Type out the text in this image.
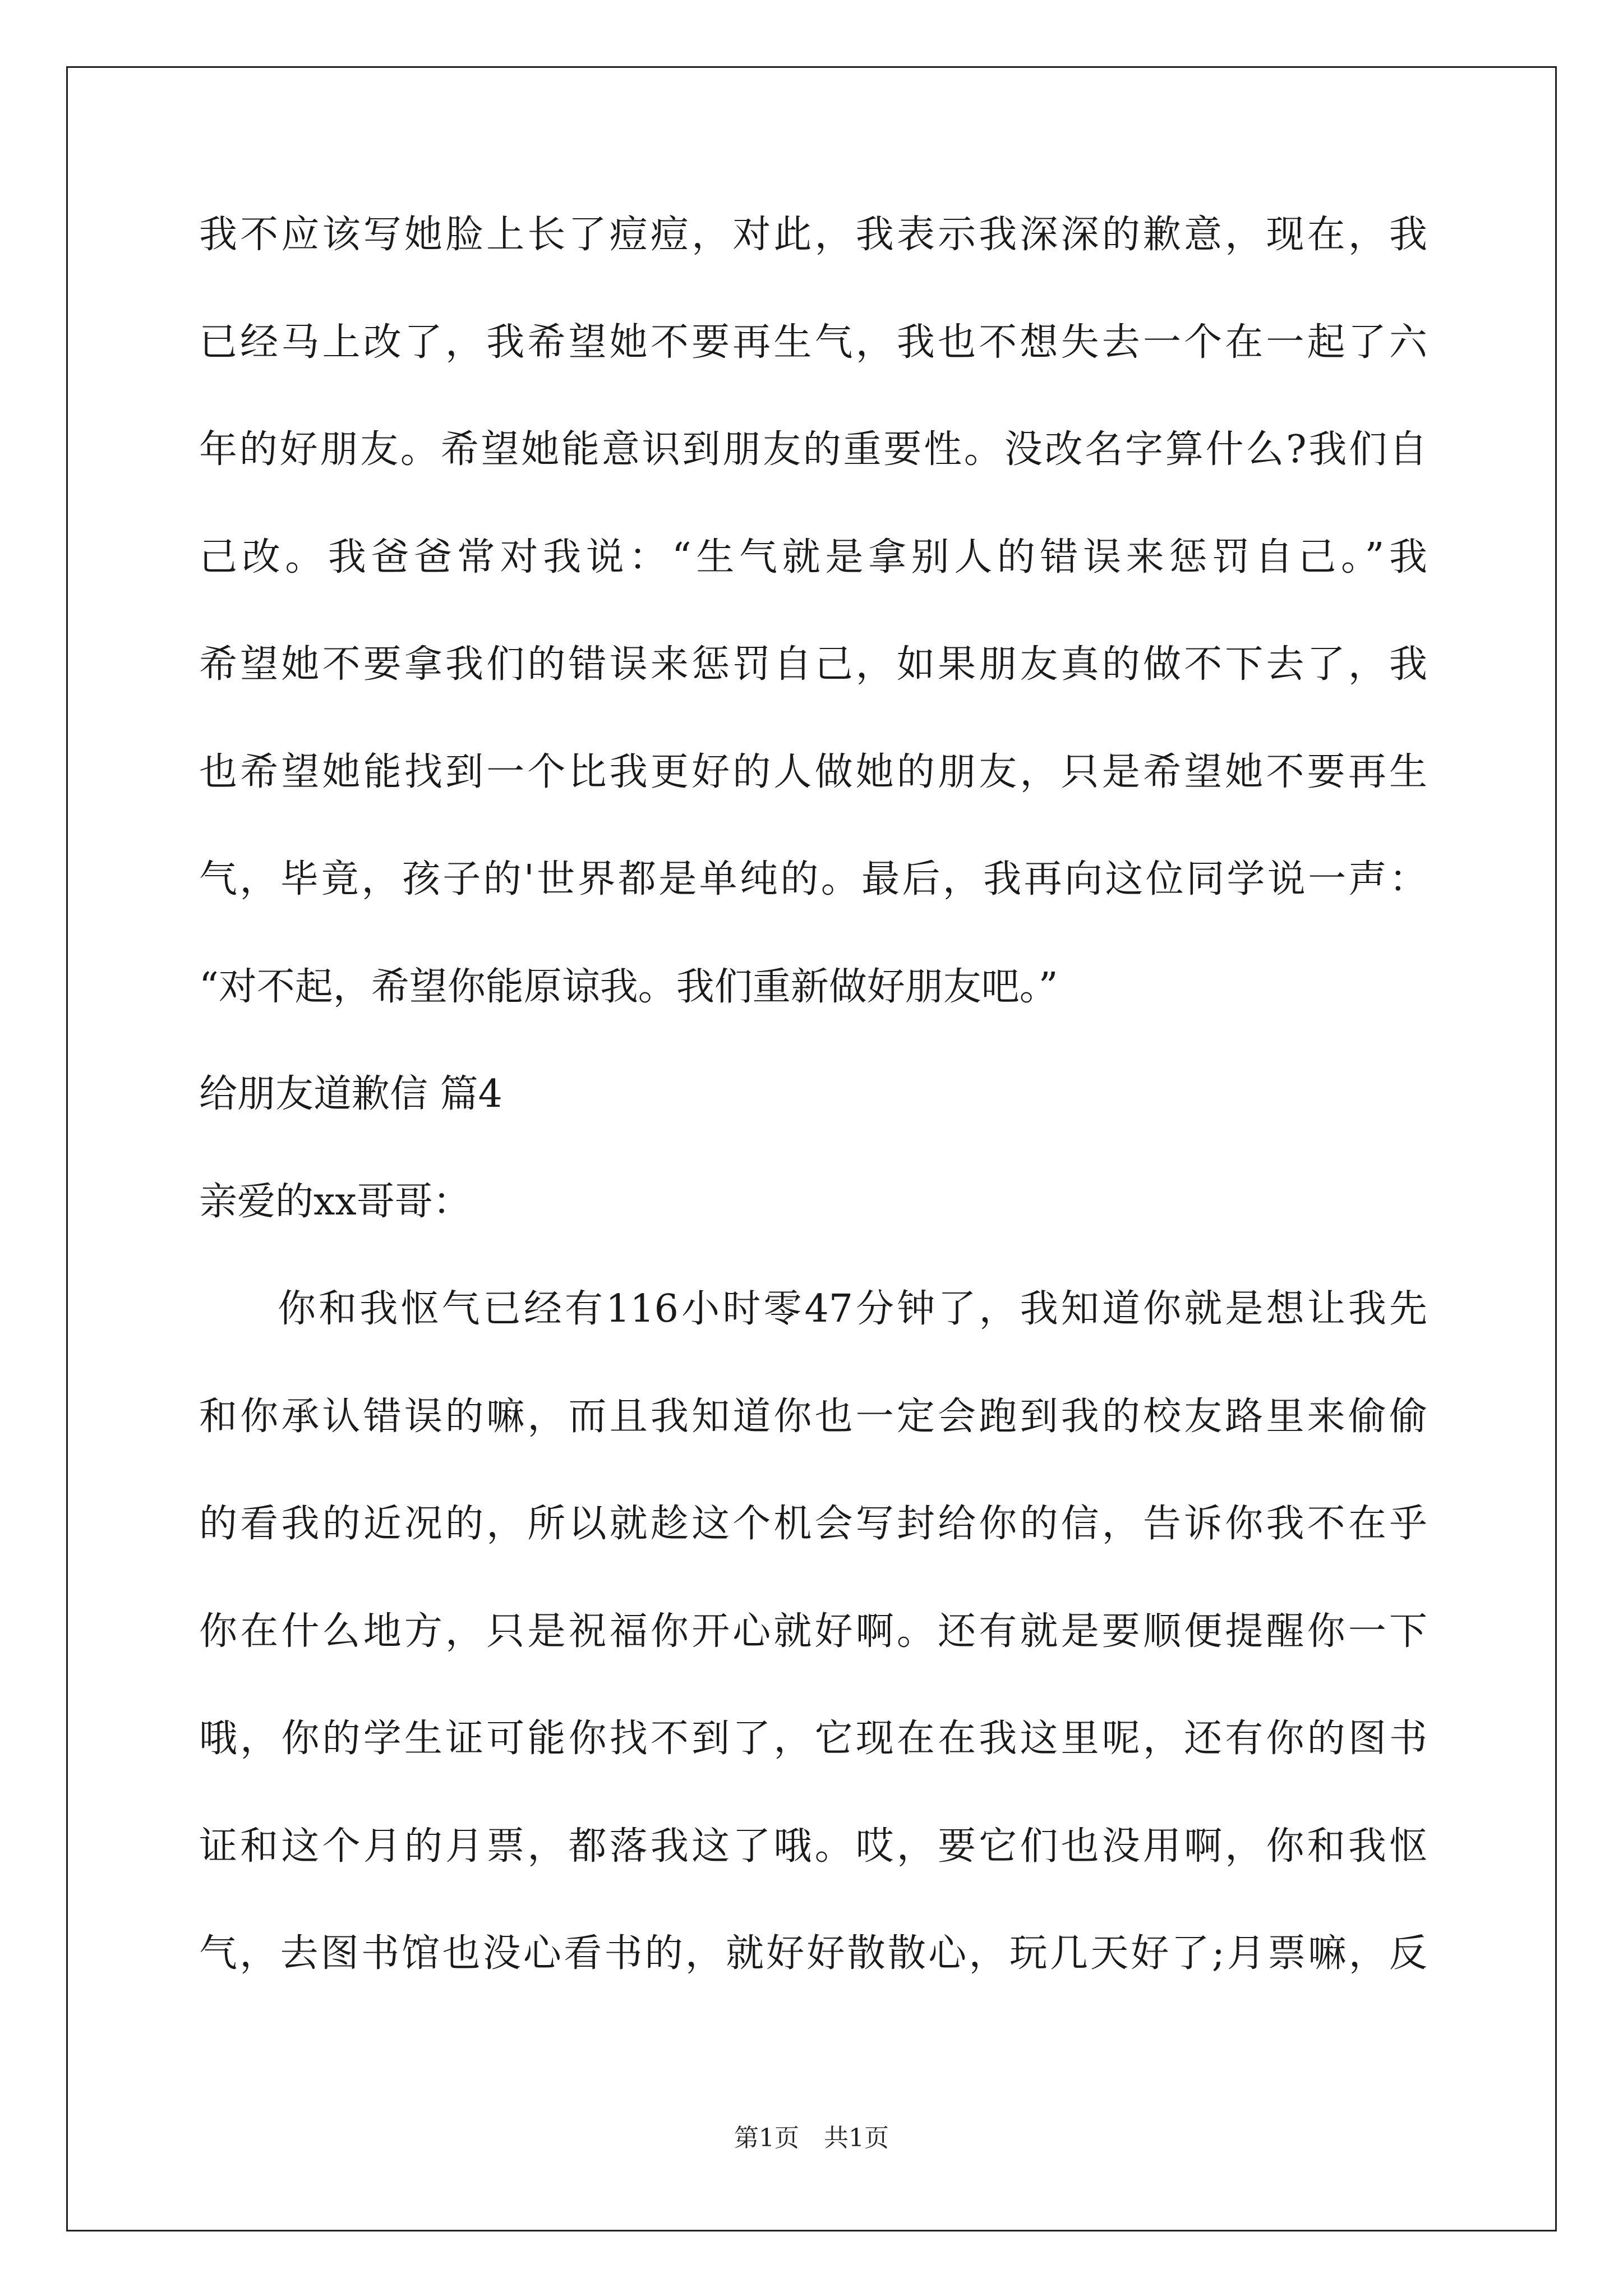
我不应该写她脸上长了痘痘，对此，我表示我深深的歉意，现在，我
已经马上改了，我希望她不要再生气，我也不想失去一个在一起了六
年的好朋友。希望她能意识到朋友的重要性。没改名字算什么?我们自
己改。我爸爸常对我说：“生气就是拿别人的错误来惩罚自己。”我
希望她不要拿我们的错误来惩罚自己，如果朋友真的做不下去了，我
也希望她能找到一个比我更好的人做她的朋友，只是希望她不要再生
气，毕竟，孩子的'世界都是单纯的。最后，我再向这位同学说一声：
“对不起，希望你能原谅我。我们重新做好朋友吧。”
给朋友道歉信 篇4
亲爱的xx哥哥：
你和我怄气已经有116小时零47分钟了，我知道你就是想让我先
和你承认错误的嘛，而且我知道你也一定会跑到我的校友路里来偷偷
的看我的近况的，所以就趁这个机会写封给你的信，告诉你我不在乎
你在什么地方，只是祝福你开心就好啊。还有就是要顺便提醒你一下
哦，你的学生证可能你找不到了，它现在在我这里呢，还有你的图书
证和这个月的月票，都落我这了哦。哎，要它们也没用啊，你和我怄
气，去图书馆也没心看书的，就好好散散心，玩几天好了;月票嘛，反
第1页　共1页
